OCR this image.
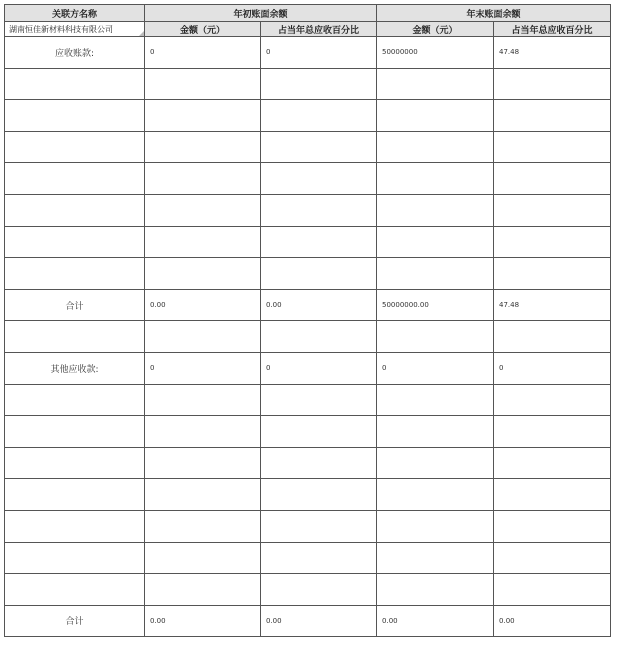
关联方名称	年初账面余额		年末账面余额	
湖南恒佳新材料科技有限公司	金额（元）	占当年总应收百分比	金额（元）	占当年总应收百分比
应收账款:	0	0	50000000	47.48

合计	0.00	0.00	50000000.00	47.48

其他应收款:	0	0	0	0

合计	0.00	0.00	0.00	0.00
